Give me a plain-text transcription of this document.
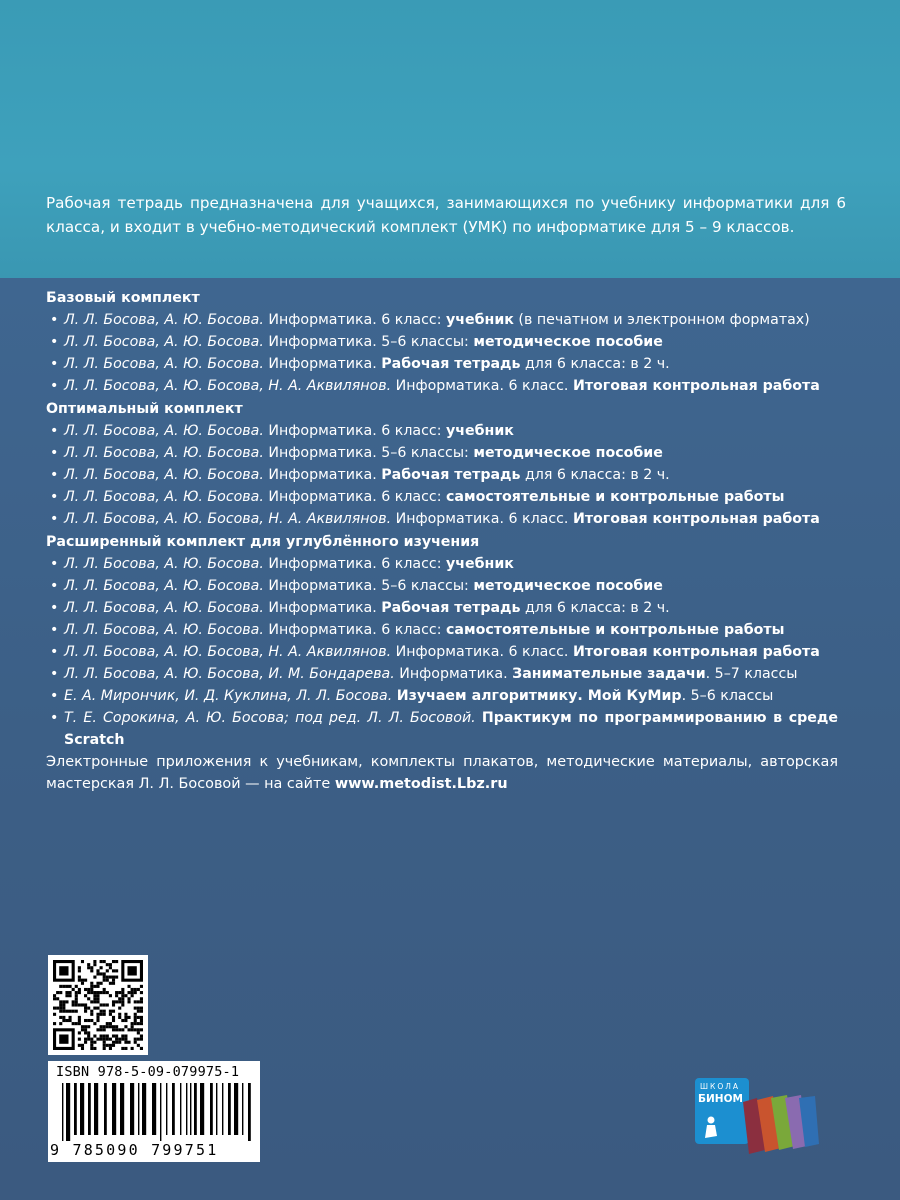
Рабочая тетрадь предназначена для учащихся, занимающихся по учебнику информатики для 6 класса, и входит в учебно-методический комплект (УМК) по информатике для 5 – 9 классов.

Базовый комплект
• Л. Л. Босова, А. Ю. Босова. Информатика. 6 класс: учебник (в печатном и электронном форматах)
• Л. Л. Босова, А. Ю. Босова. Информатика. 5–6 классы: методическое пособие
• Л. Л. Босова, А. Ю. Босова. Информатика. Рабочая тетрадь для 6 класса: в 2 ч.
• Л. Л. Босова, А. Ю. Босова, Н. А. Аквилянов. Информатика. 6 класс. Итоговая контрольная работа
Оптимальный комплект
• Л. Л. Босова, А. Ю. Босова. Информатика. 6 класс: учебник
• Л. Л. Босова, А. Ю. Босова. Информатика. 5–6 классы: методическое пособие
• Л. Л. Босова, А. Ю. Босова. Информатика. Рабочая тетрадь для 6 класса: в 2 ч.
• Л. Л. Босова, А. Ю. Босова. Информатика. 6 класс: самостоятельные и контрольные работы
• Л. Л. Босова, А. Ю. Босова, Н. А. Аквилянов. Информатика. 6 класс. Итоговая контрольная работа
Расширенный комплект для углублённого изучения
• Л. Л. Босова, А. Ю. Босова. Информатика. 6 класс: учебник
• Л. Л. Босова, А. Ю. Босова. Информатика. 5–6 классы: методическое пособие
• Л. Л. Босова, А. Ю. Босова. Информатика. Рабочая тетрадь для 6 класса: в 2 ч.
• Л. Л. Босова, А. Ю. Босова. Информатика. 6 класс: самостоятельные и контрольные работы
• Л. Л. Босова, А. Ю. Босова, Н. А. Аквилянов. Информатика. 6 класс. Итоговая контрольная работа
• Л. Л. Босова, А. Ю. Босова, И. М. Бондарева. Информатика. Занимательные задачи. 5–7 классы
• Е. А. Мирончик, И. Д. Куклина, Л. Л. Босова. Изучаем алгоритмику. Мой КуМир. 5–6 классы
• Т. Е. Сорокина, А. Ю. Босова; под ред. Л. Л. Босовой. Практикум по программированию в среде Scratch

Электронные приложения к учебникам, комплекты плакатов, методические материалы, авторская мастерская Л. Л. Босовой — на сайте www.metodist.Lbz.ru

ISBN 978-5-09-079975-1
9 785090 799751
ШКОЛА
БИНОМ
